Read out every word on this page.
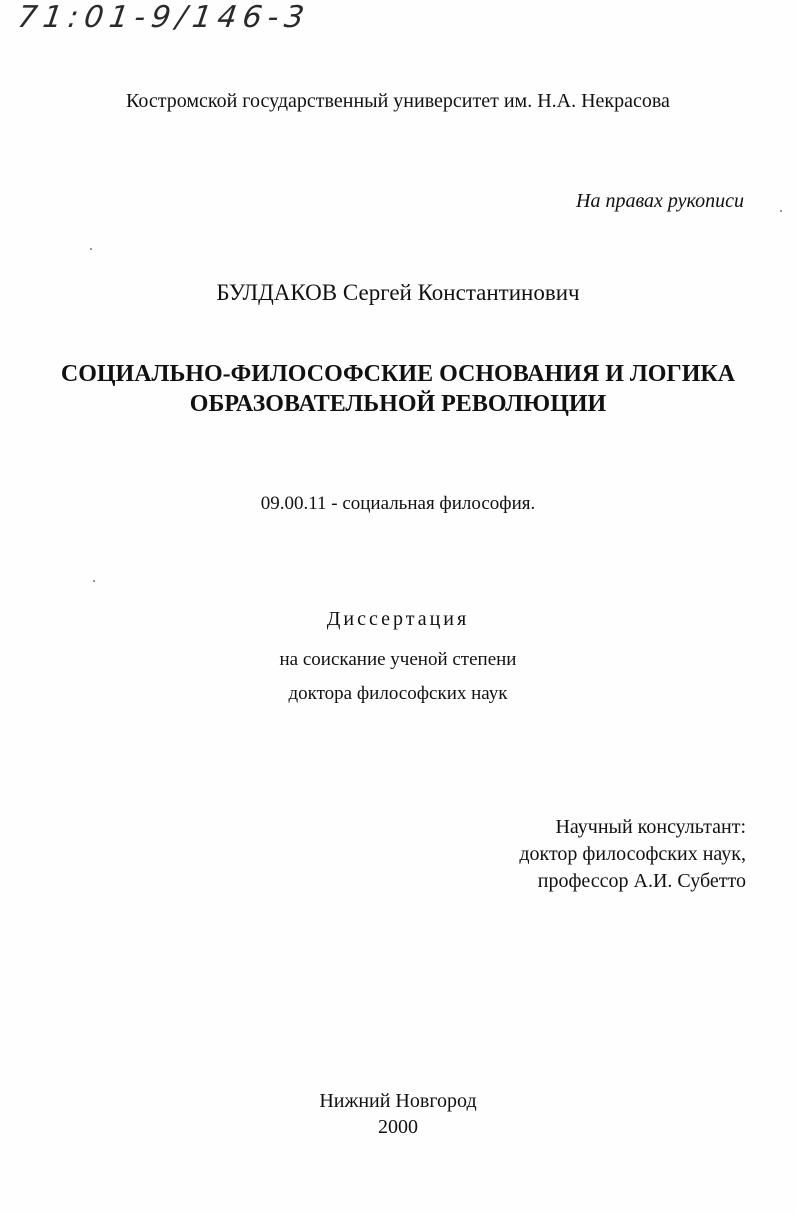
71:01-9/146-3
Костромской государственный университет им. Н.А. Некрасова
На правах рукописи
БУЛДАКОВ Сергей Константинович
СОЦИАЛЬНО-ФИЛОСОФСКИЕ ОСНОВАНИЯ И ЛОГИКА
ОБРАЗОВАТЕЛЬНОЙ РЕВОЛЮЦИИ
09.00.11 - социальная философия.
Диссертация
на соискание ученой степени
доктора философских наук
Научный консультант:
доктор философских наук,
профессор А.И. Субетто
Нижний Новгород
2000
